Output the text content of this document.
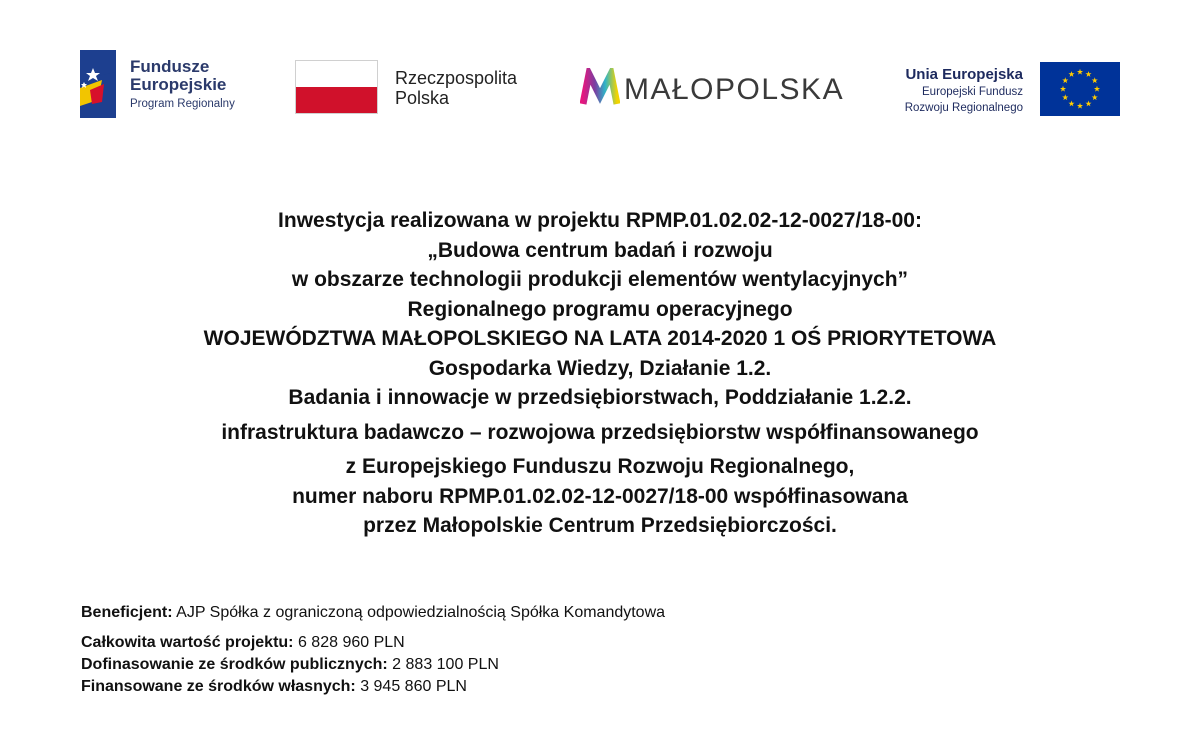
Fundusze
Europejskie
Program Regionalny
Rzeczpospolita
Polska	MAŁOPOLSKA	Unia Europejska
Europejski Fundusz
Rozwoju Regionalnego
Inwestycja realizowana w projektu RPMP.01.02.02-12-0027/18-00:
„Budowa centrum badań i rozwoju
w obszarze technologii produkcji elementów wentylacyjnych”
Regionalnego programu operacyjnego
WOJEWÓDZTWA MAŁOPOLSKIEGO NA LATA 2014-2020 1 OŚ PRIORYTETOWA
Gospodarka Wiedzy, Działanie 1.2.
Badania i innowacje w przedsiębiorstwach, Poddziałanie 1.2.2.
infrastruktura badawczo – rozwojowa przedsiębiorstw współfinansowanego
z Europejskiego Funduszu Rozwoju Regionalnego,
numer naboru RPMP.01.02.02-12-0027/18-00 współfinasowana
przez Małopolskie Centrum Przedsiębiorczości.
Beneficjent: AJP Spółka z ograniczoną odpowiedzialnością Spółka Komandytowa
Całkowita wartość projektu: 6 828 960 PLN
Dofinasowanie ze środków publicznych: 2 883 100 PLN
Finansowane ze środków własnych: 3 945 860 PLN
